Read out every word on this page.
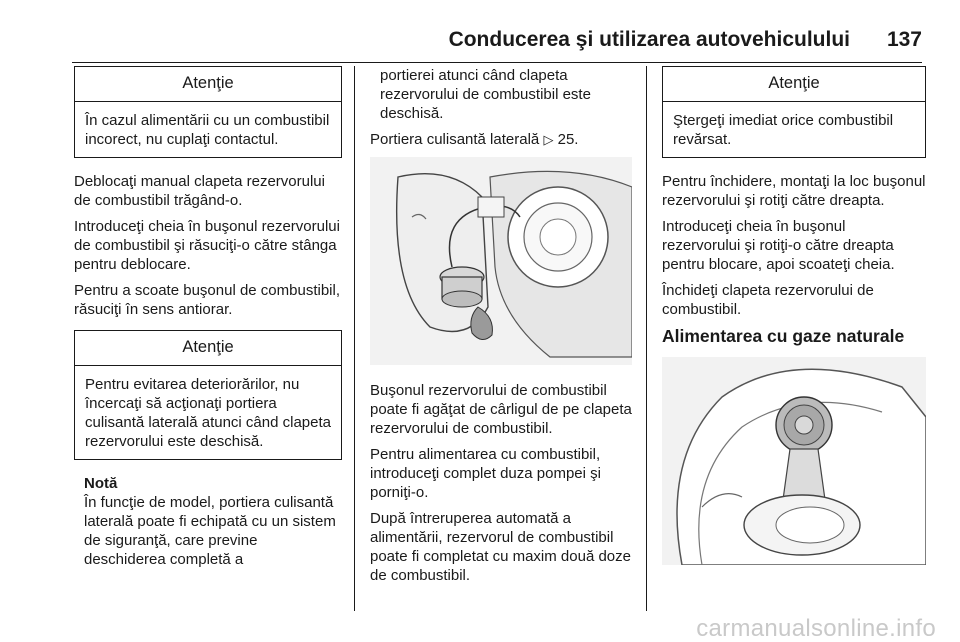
Conducerea şi utilizarea autovehiculului 137
Atenţie
În cazul alimentării cu un combustibil incorect, nu cuplaţi contactul.

Deblocaţi manual clapeta rezervorului de combustibil trăgând-o.

Introduceţi cheia în buşonul rezervorului de combustibil şi răsuciţi-o către stânga pentru deblocare.

Pentru a scoate buşonul de combustibil, răsuciţi în sens antiorar.

Atenţie
Pentru evitarea deteriorărilor, nu încercaţi să acţionaţi portiera culisantă laterală atunci când clapeta rezervorului este deschisă.
Notă
În funcţie de model, portiera culisantă laterală poate fi echipată cu un sistem de siguranţă, care previne deschiderea completă a

portierei atunci când clapeta rezervorului de combustibil este deschisă.

Portiera culisantă laterală ▷ 25.

Buşonul rezervorului de combustibil poate fi agăţat de cârligul de pe clapeta rezervorului de combustibil.

Pentru alimentarea cu combustibil, introduceţi complet duza pompei şi porniţi-o.

După întreruperea automată a alimentării, rezervorul de combustibil poate fi completat cu maxim două doze de combustibil.

Atenţie
Ştergeţi imediat orice combustibil revărsat.

Pentru închidere, montaţi la loc buşonul rezervorului şi rotiţi către dreapta.

Introduceţi cheia în buşonul rezervorului şi rotiţi-o către dreapta pentru blocare, apoi scoateţi cheia.

Închideţi clapeta rezervorului de combustibil.

Alimentarea cu gaze naturale
carmanualsonline.info
